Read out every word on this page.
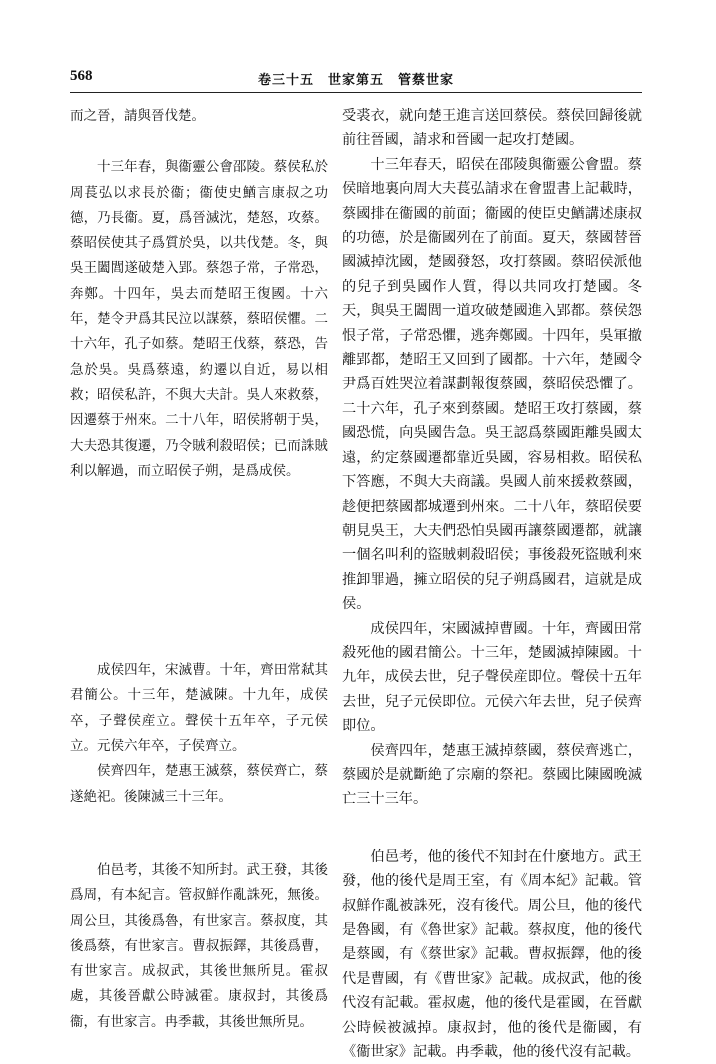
568	卷三十五　世家第五　管蔡世家

而之晉，請與晉伐楚。

十三年春，與衞靈公會邵陵。蔡侯私於周萇弘以求長於衞；衞使史鰌言康叔之功德，乃長衞。夏，爲晉滅沈，楚怒，攻蔡。蔡昭侯使其子爲質於吳，以共伐楚。冬，與吳王闔閭遂破楚入郢。蔡怨子常，子常恐，奔鄭。十四年，吳去而楚昭王復國。十六年，楚令尹爲其民泣以謀蔡，蔡昭侯懼。二十六年，孔子如蔡。楚昭王伐蔡，蔡恐，告急於吳。吳爲蔡遠，約遷以自近，易以相救；昭侯私許，不與大夫計。吳人來救蔡，因遷蔡于州來。二十八年，昭侯將朝于吳，大夫恐其復遷，乃令賊利殺昭侯；已而誅賊利以解過，而立昭侯子朔，是爲成侯。

成侯四年，宋滅曹。十年，齊田常弒其君簡公。十三年，楚滅陳。十九年，成侯卒，子聲侯産立。聲侯十五年卒，子元侯立。元侯六年卒，子侯齊立。

侯齊四年，楚惠王滅蔡，蔡侯齊亡，蔡遂絶祀。後陳滅三十三年。

伯邑考，其後不知所封。武王發，其後爲周，有本紀言。管叔鮮作亂誅死，無後。周公旦，其後爲魯，有世家言。蔡叔度，其後爲蔡，有世家言。曹叔振鐸，其後爲曹，有世家言。成叔武，其後世無所見。霍叔處，其後晉獻公時滅霍。康叔封，其後爲衞，有世家言。冉季載，其後世無所見。

受裘衣，就向楚王進言送回蔡侯。蔡侯回歸後就前往晉國，請求和晉國一起攻打楚國。

十三年春天，昭侯在邵陵與衞靈公會盟。蔡侯暗地裏向周大夫萇弘請求在會盟書上記載時，蔡國排在衞國的前面；衞國的使臣史鰌講述康叔的功德，於是衞國列在了前面。夏天，蔡國替晉國滅掉沈國，楚國發怒，攻打蔡國。蔡昭侯派他的兒子到吳國作人質，得以共同攻打楚國。冬天，與吳王闔閭一道攻破楚國進入郢都。蔡侯怨恨子常，子常恐懼，逃奔鄭國。十四年，吳軍撤離郢都，楚昭王又回到了國都。十六年，楚國令尹爲百姓哭泣着謀劃報復蔡國，蔡昭侯恐懼了。二十六年，孔子來到蔡國。楚昭王攻打蔡國，蔡國恐慌，向吳國告急。吳王認爲蔡國距離吳國太遠，約定蔡國遷都靠近吳國，容易相救。昭侯私下答應，不與大夫商議。吳國人前來援救蔡國，趁便把蔡國都城遷到州來。二十八年，蔡昭侯要朝見吳王，大夫們恐怕吳國再讓蔡國遷都，就讓一個名叫利的盜賊刺殺昭侯；事後殺死盜賊利來推卸罪過，擁立昭侯的兒子朔爲國君，這就是成侯。

成侯四年，宋國滅掉曹國。十年，齊國田常殺死他的國君簡公。十三年，楚國滅掉陳國。十九年，成侯去世，兒子聲侯産即位。聲侯十五年去世，兒子元侯即位。元侯六年去世，兒子侯齊即位。

侯齊四年，楚惠王滅掉蔡國，蔡侯齊逃亡，蔡國於是就斷絶了宗廟的祭祀。蔡國比陳國晚滅亡三十三年。

伯邑考，他的後代不知封在什麼地方。武王發，他的後代是周王室，有《周本紀》記載。管叔鮮作亂被誅死，沒有後代。周公旦，他的後代是魯國，有《魯世家》記載。蔡叔度，他的後代是蔡國，有《蔡世家》記載。曹叔振鐸，他的後代是曹國，有《曹世家》記載。成叔武，他的後代沒有記載。霍叔處，他的後代是霍國，在晉獻公時候被滅掉。康叔封，他的後代是衞國，有《衞世家》記載。冉季載，他的後代沒有記載。
